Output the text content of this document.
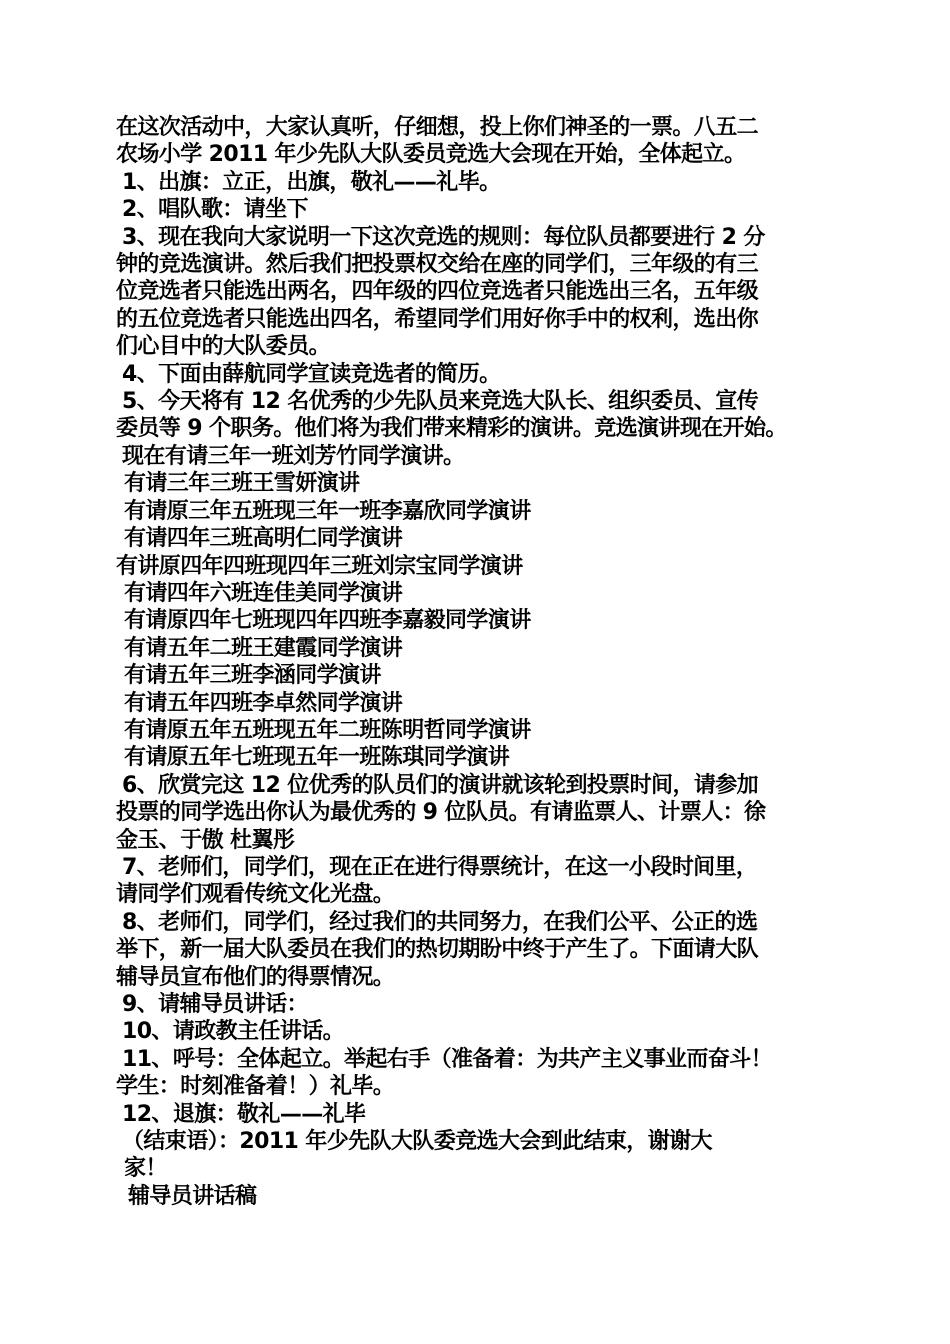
在这次活动中，大家认真听，仔细想，投上你们神圣的一票。八五二
农场小学 2011 年少先队大队委员竞选大会现在开始，全体起立。
1、出旗：立正，出旗，敬礼——礼毕。
2、唱队歌：请坐下
3、现在我向大家说明一下这次竞选的规则：每位队员都要进行 2 分
钟的竞选演讲。然后我们把投票权交给在座的同学们，三年级的有三
位竞选者只能选出两名，四年级的四位竞选者只能选出三名，五年级
的五位竞选者只能选出四名，希望同学们用好你手中的权利，选出你
们心目中的大队委员。
4、下面由薛航同学宣读竞选者的简历。
5、今天将有 12 名优秀的少先队员来竞选大队长、组织委员、宣传
委员等 9 个职务。他们将为我们带来精彩的演讲。竞选演讲现在开始。
现在有请三年一班刘芳竹同学演讲。
有请三年三班王雪妍演讲
有请原三年五班现三年一班李嘉欣同学演讲
有请四年三班高明仁同学演讲
有讲原四年四班现四年三班刘宗宝同学演讲
有请四年六班连佳美同学演讲
有请原四年七班现四年四班李嘉毅同学演讲
有请五年二班王建霞同学演讲
有请五年三班李涵同学演讲
有请五年四班李卓然同学演讲
有请原五年五班现五年二班陈明哲同学演讲
有请原五年七班现五年一班陈琪同学演讲
6、欣赏完这 12 位优秀的队员们的演讲就该轮到投票时间，请参加
投票的同学选出你认为最优秀的 9 位队员。有请监票人、计票人：徐
金玉、于傲 杜翼彤
7、老师们，同学们，现在正在进行得票统计，在这一小段时间里，
请同学们观看传统文化光盘。
8、老师们，同学们，经过我们的共同努力，在我们公平、公正的选
举下，新一届大队委员在我们的热切期盼中终于产生了。下面请大队
辅导员宣布他们的得票情况。
9、请辅导员讲话：
10、请政教主任讲话。
11、呼号：全体起立。举起右手（准备着：为共产主义事业而奋斗！
学生：时刻准备着！）礼毕。
12、退旗：敬礼——礼毕
（结束语）：2011 年少先队大队委竞选大会到此结束，谢谢大
家！
辅导员讲话稿
